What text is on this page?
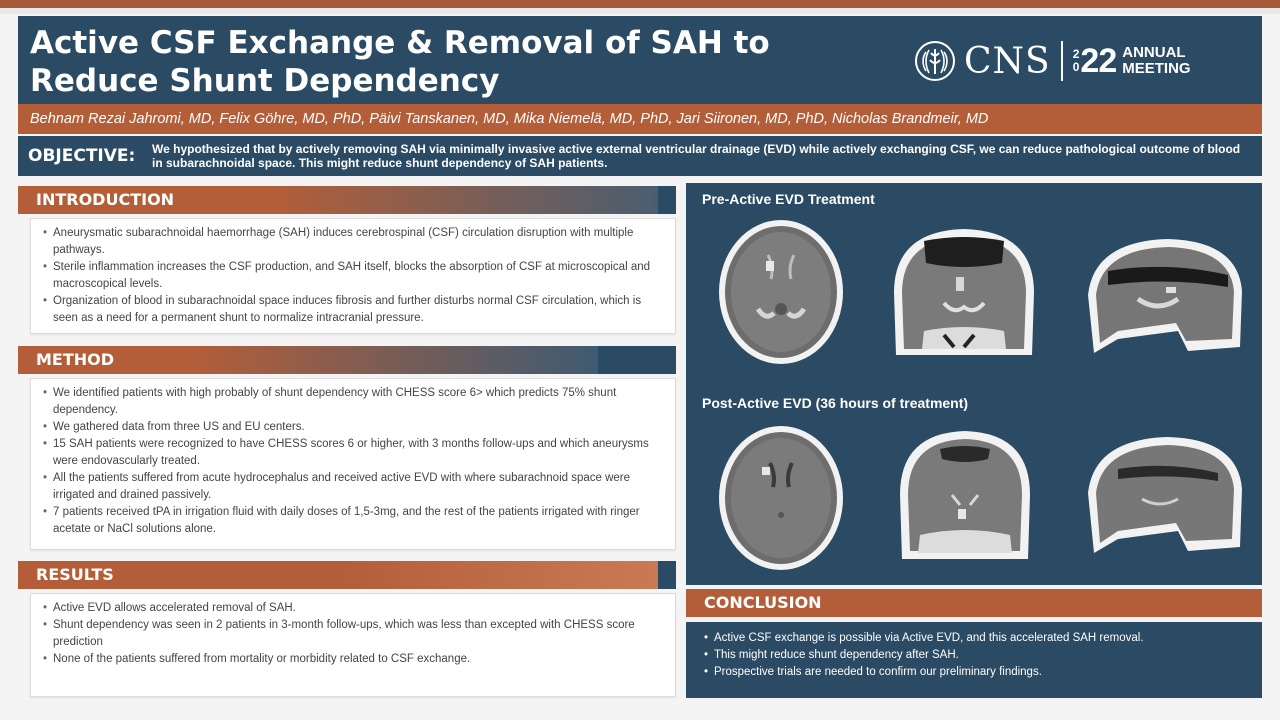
Active CSF Exchange & Removal of SAH to
Reduce Shunt Dependency	CNS 2
0 22 ANNUAL
MEETING
Behnam Rezai Jahromi, MD, Felix Göhre, MD, PhD, Päivi Tanskanen, MD, Mika Niemelä, MD, PhD, Jari Siironen, MD, PhD, Nicholas Brandmeir, MD
OBJECTIVE:	We hypothesized that by actively removing SAH via minimally invasive active external ventricular drainage (EVD) while actively exchanging CSF, we can reduce pathological outcome of blood in subarachnoidal space. This might reduce shunt dependency of SAH patients.
INTRODUCTION
• Aneurysmatic subarachnoidal haemorrhage (SAH) induces cerebrospinal (CSF) circulation disruption with multiple pathways.
• Sterile inflammation increases the CSF production, and SAH itself, blocks the absorption of CSF at microscopical and macroscopical levels.
• Organization of blood in subarachnoidal space induces fibrosis and further disturbs normal CSF circulation, which is seen as a need for a permanent shunt to normalize intracranial pressure.
METHOD
• We identified patients with high probably of shunt dependency with CHESS score 6> which predicts 75% shunt dependency.
• We gathered data from three US and EU centers.
• 15 SAH patients were recognized to have CHESS scores 6 or higher, with 3 months follow-ups and which aneurysms were endovascularly treated.
• All the patients suffered from acute hydrocephalus and received active EVD with where subarachnoid space were irrigated and drained passively.
• 7 patients received tPA in irrigation fluid with daily doses of 1,5-3mg, and the rest of the patients irrigated with ringer acetate or NaCl solutions alone.
RESULTS
• Active EVD allows accelerated removal of SAH.
• Shunt dependency was seen in 2 patients in 3-month follow-ups, which was less than excepted with CHESS score prediction
• None of the patients suffered from mortality or morbidity related to CSF exchange.
Pre-Active EVD Treatment
Post-Active EVD (36 hours of treatment)
CONCLUSION
• Active CSF exchange is possible via Active EVD, and this accelerated SAH removal.
• This might reduce shunt dependency after SAH.
• Prospective trials are needed to confirm our preliminary findings.
